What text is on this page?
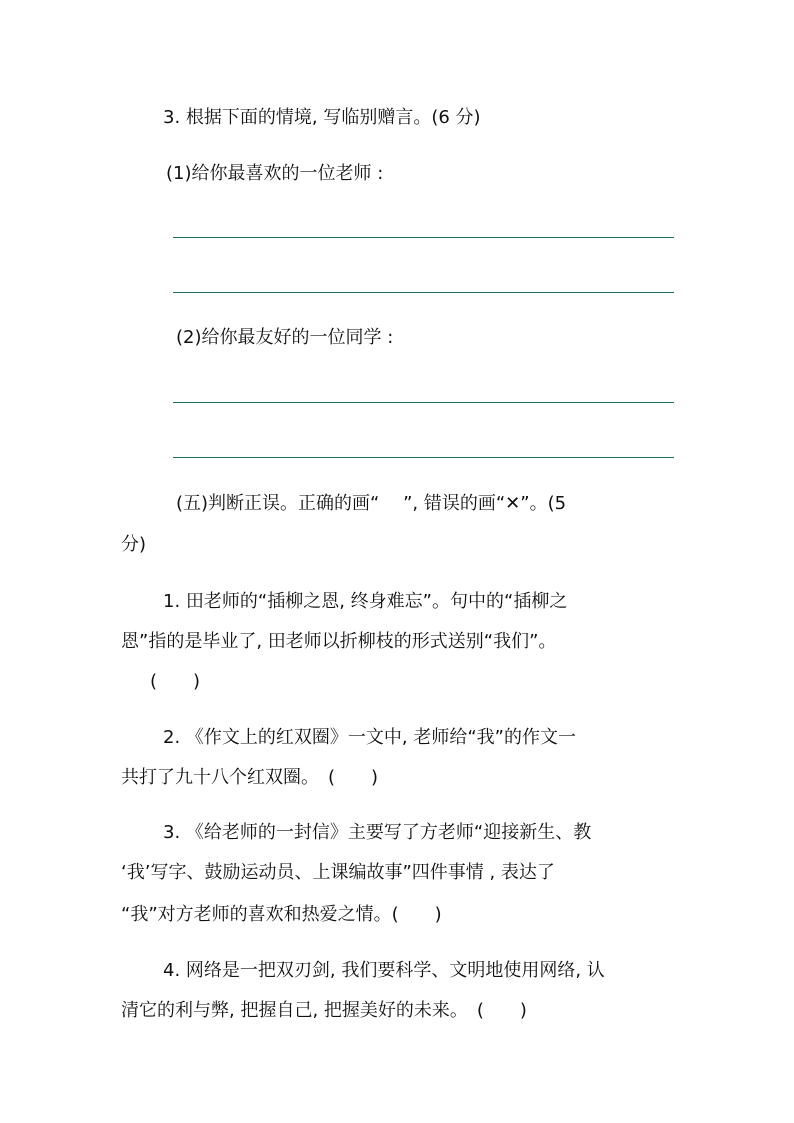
3. 根据下面的情境, 写临别赠言。(6 分)
(1)给你最喜欢的一位老师 :
(2)给你最友好的一位同学 :
(五)判断正误。正确的画“　 ”, 错误的画“✕”。(5
分)
1. 田老师的“插柳之恩, 终身难忘”。句中的“插柳之
恩”指的是毕业了, 田老师以折柳枝的形式送别“我们”。
(　　)
2. 《作文上的红双圈》一文中, 老师给“我”的作文一
共打了九十八个红双圈。　(　　)
3. 《给老师的一封信》主要写了方老师“迎接新生、教
‘我’写字、鼓励运动员、上课编故事”四件事情 , 表达了
“我”对方老师的喜欢和热爱之情。(　　)
4. 网络是一把双刃剑, 我们要科学、文明地使用网络, 认
清它的利与弊, 把握自己, 把握美好的未来。　(　　)
